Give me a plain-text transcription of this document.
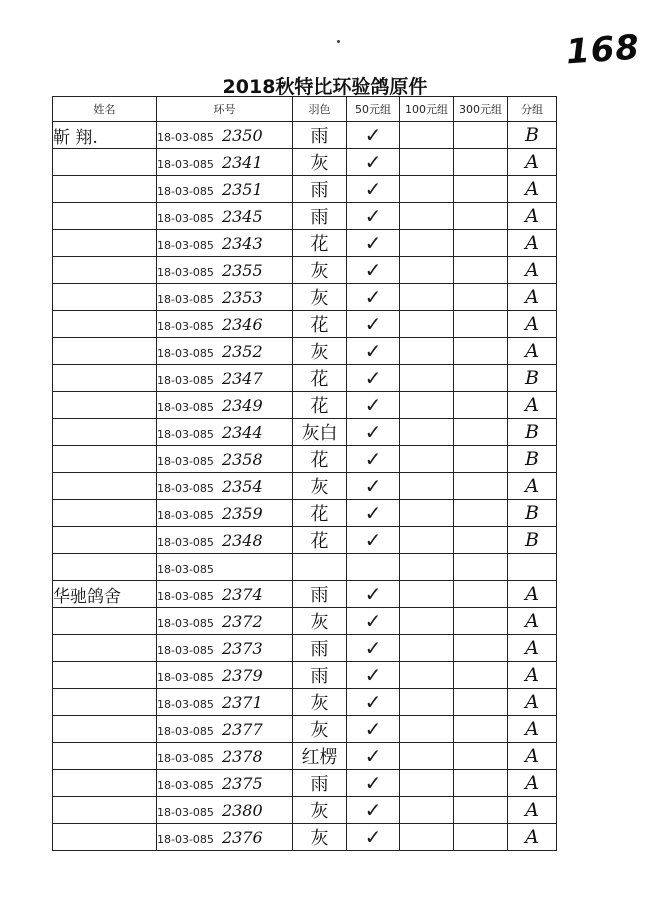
168
2018秋特比环验鸽原件
姓名	环号	羽色	50元组	100元组	300元组	分组
靳 翔.	18-03-085 2350	雨	✓			B
	18-03-085 2341	灰	✓			A
	18-03-085 2351	雨	✓			A
	18-03-085 2345	雨	✓			A
	18-03-085 2343	花	✓			A
	18-03-085 2355	灰	✓			A
	18-03-085 2353	灰	✓			A
	18-03-085 2346	花	✓			A
	18-03-085 2352	灰	✓			A
	18-03-085 2347	花	✓			B
	18-03-085 2349	花	✓			A
	18-03-085 2344	灰白	✓			B
	18-03-085 2358	花	✓			B
	18-03-085 2354	灰	✓			A
	18-03-085 2359	花	✓			B
	18-03-085 2348	花	✓			B
	18-03-085					
华驰鸽舍	18-03-085 2374	雨	✓			A
	18-03-085 2372	灰	✓			A
	18-03-085 2373	雨	✓			A
	18-03-085 2379	雨	✓			A
	18-03-085 2371	灰	✓			A
	18-03-085 2377	灰	✓			A
	18-03-085 2378	红楞	✓			A
	18-03-085 2375	雨	✓			A
	18-03-085 2380	灰	✓			A
	18-03-085 2376	灰	✓			A
